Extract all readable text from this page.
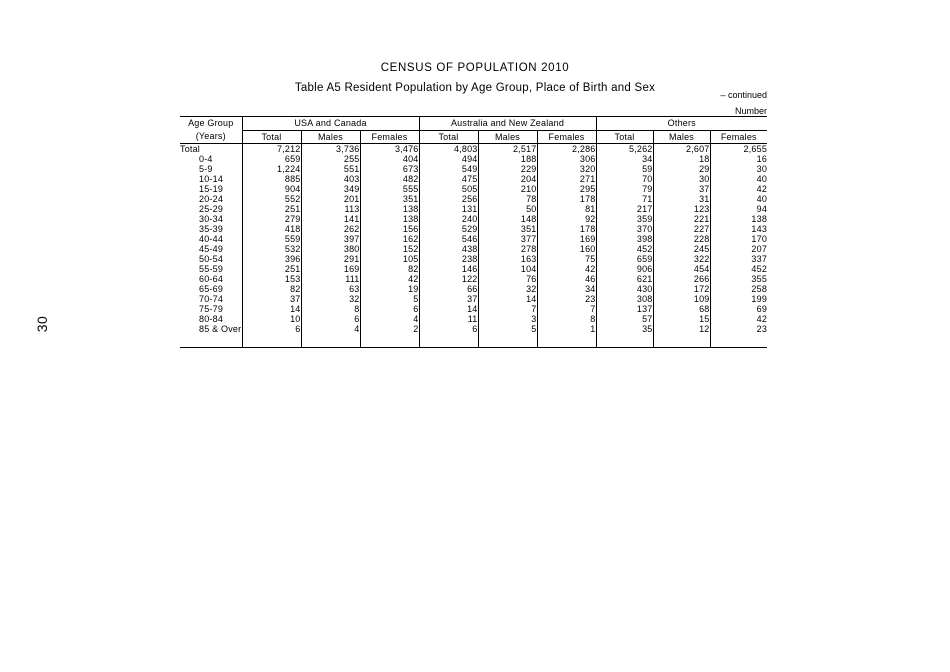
30
CENSUS OF POPULATION 2010
Table A5 Resident Population by Age Group, Place of Birth and Sex
– continued
Number
Age Group
(Years)	USA and Canada			Australia and New Zealand			Others		
	Total	Males	Females	Total	Males	Females	Total	Males	Females
Total	7,212	3,736	3,476	4,803	2,517	2,286	5,262	2,607	2,655
0-4	659	255	404	494	188	306	34	18	16
5-9	1,224	551	673	549	229	320	59	29	30
10-14	885	403	482	475	204	271	70	30	40
15-19	904	349	555	505	210	295	79	37	42
20-24	552	201	351	256	78	178	71	31	40
25-29	251	113	138	131	50	81	217	123	94
30-34	279	141	138	240	148	92	359	221	138
35-39	418	262	156	529	351	178	370	227	143
40-44	559	397	162	546	377	169	398	228	170
45-49	532	380	152	438	278	160	452	245	207
50-54	396	291	105	238	163	75	659	322	337
55-59	251	169	82	146	104	42	906	454	452
60-64	153	111	42	122	76	46	621	266	355
65-69	82	63	19	66	32	34	430	172	258
70-74	37	32	5	37	14	23	308	109	199
75-79	14	8	6	14	7	7	137	68	69
80-84	10	6	4	11	3	8	57	15	42
85 & Over	6	4	2	6	5	1	35	12	23
